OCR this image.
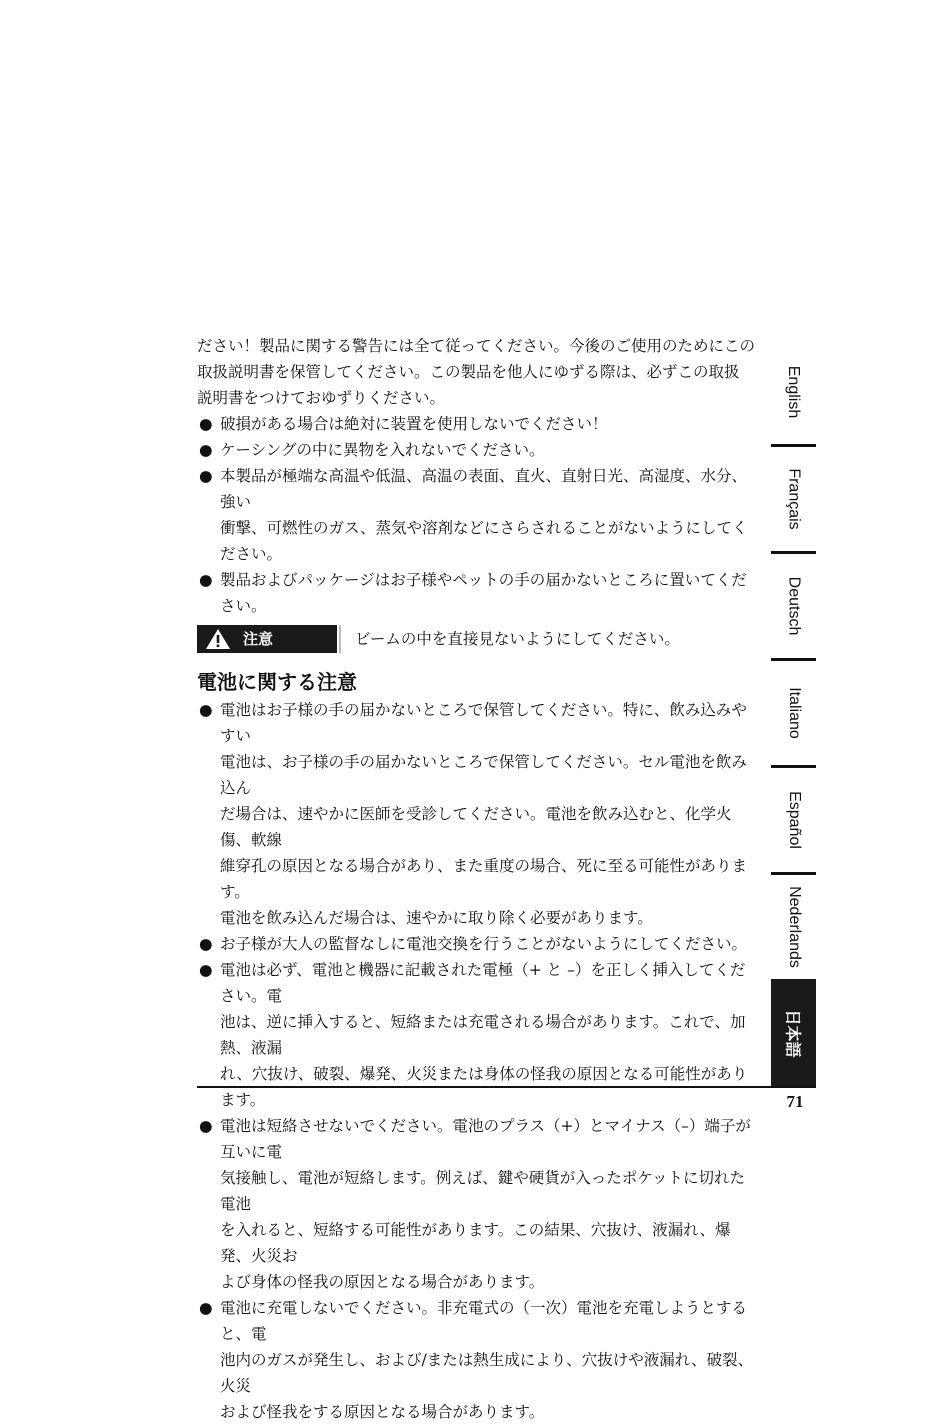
ださい！製品に関する警告には全て従ってください。今後のご使用のためにこの
取扱説明書を保管してください。この製品を他人にゆずる際は、必ずこの取扱
説明書をつけておゆずりください。

● 破損がある場合は絶対に装置を使用しないでください！
● ケーシングの中に異物を入れないでください。
● 本製品が極端な高温や低温、高温の表面、直火、直射日光、高湿度、水分、強い
衝撃、可燃性のガス、蒸気や溶剤などにさらされることがないようにしてください。
● 製品およびパッケージはお子様やペットの手の届かないところに置いてください。
注意	ビームの中を直接見ないようにしてください。
電池に関する注意
● 電池はお子様の手の届かないところで保管してください。特に、飲み込みやすい
電池は、お子様の手の届かないところで保管してください。セル電池を飲み込ん
だ場合は、速やかに医師を受診してください。電池を飲み込むと、化学火傷、軟線
維穿孔の原因となる場合があり、また重度の場合、死に至る可能性があります。
電池を飲み込んだ場合は、速やかに取り除く必要があります。
● お子様が大人の監督なしに電池交換を行うことがないようにしてください。
● 電池は必ず、電池と機器に記載された電極（+ と –）を正しく挿入してください。電
池は、逆に挿入すると、短絡または充電される場合があります。これで、加熱、液漏
れ、穴抜け、破裂、爆発、火災または身体の怪我の原因となる可能性があります。
● 電池は短絡させないでください。電池のプラス（+）とマイナス（–）端子が互いに電
気接触し、電池が短絡します。例えば、鍵や硬貨が入ったポケットに切れた電池
を入れると、短絡する可能性があります。この結果、穴抜け、液漏れ、爆発、火災お
よび身体の怪我の原因となる場合があります。
● 電池に充電しないでください。非充電式の（一次）電池を充電しようとすると、電
池内のガスが発生し、および/または熱生成により、穴抜けや液漏れ、破裂、火災
および怪我をする原因となる場合があります。
English
Français
Deutsch
Italiano
Español
Nederlands
日本語
71
